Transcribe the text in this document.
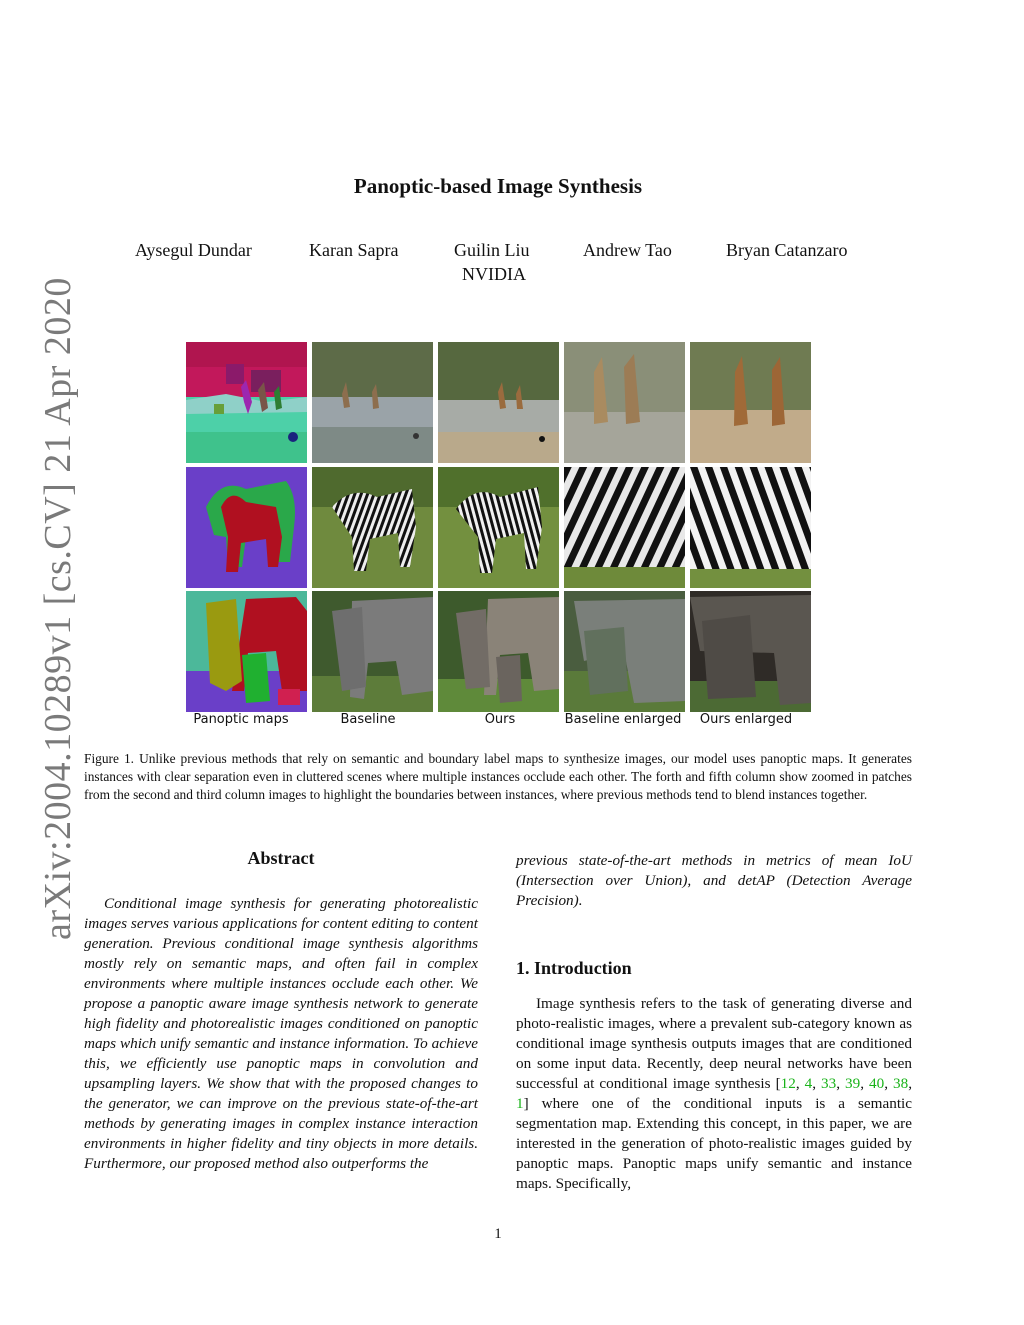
arXiv:2004.10289v1 [cs.CV] 21 Apr 2020
Panoptic-based Image Synthesis
Aysegul Dundar	Karan Sapra	Guilin Liu	Andrew Tao	Bryan Catanzaro
NVIDIA
Panoptic maps	Baseline	Ours	Baseline enlarged	Ours enlarged
Figure 1. Unlike previous methods that rely on semantic and boundary label maps to synthesize images, our model uses panoptic maps. It generates instances with clear separation even in cluttered scenes where multiple instances occlude each other. The forth and fifth column show zoomed in patches from the second and third column images to highlight the boundaries between instances, where previous methods tend to blend instances together.
Abstract

Conditional image synthesis for generating photorealistic images serves various applications for content editing to content generation. Previous conditional image synthesis algorithms mostly rely on semantic maps, and often fail in complex environments where multiple instances occlude each other. We propose a panoptic aware image synthesis network to generate high fidelity and photorealistic images conditioned on panoptic maps which unify semantic and instance information. To achieve this, we efficiently use panoptic maps in convolution and upsampling layers. We show that with the proposed changes to the generator, we can improve on the previous state-of-the-art methods by generating images in complex instance interaction environments in higher fidelity and tiny objects in more details. Furthermore, our proposed method also outperforms the

previous state-of-the-art methods in metrics of mean IoU (Intersection over Union), and detAP (Detection Average Precision).
1. Introduction

Image synthesis refers to the task of generating diverse and photo-realistic images, where a prevalent sub-category known as conditional image synthesis outputs images that are conditioned on some input data. Recently, deep neural networks have been successful at conditional image synthesis [12, 4, 33, 39, 40, 38, 1] where one of the conditional inputs is a semantic segmentation map. Extending this concept, in this paper, we are interested in the generation of photo-realistic images guided by panoptic maps. Panoptic maps unify semantic and instance maps. Specifically,

1
